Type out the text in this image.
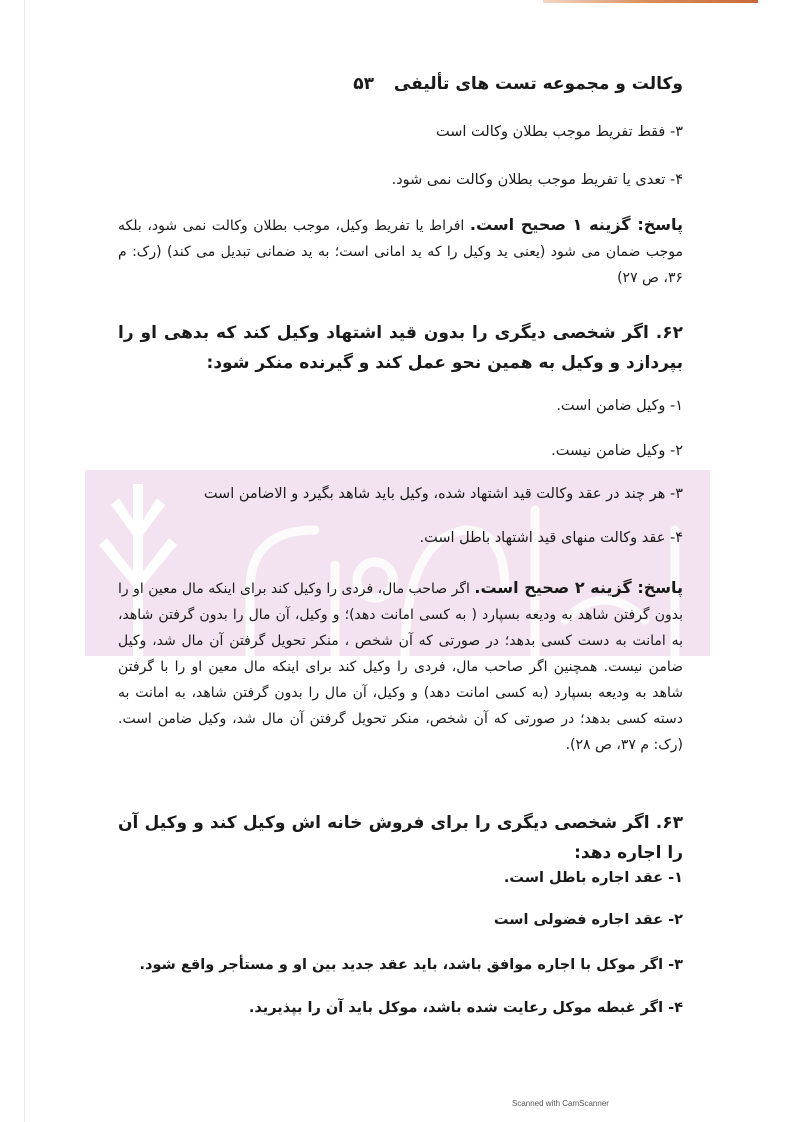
وکالت و مجموعه تست های تألیفی ۵۳
۳- فقط تفریط موجب بطلان وکالت است
۴- تعدی یا تفریط موجب بطلان وکالت نمی شود.
پاسخ: گزینه ۱ صحیح است. افراط یا تفریط وکیل، موجب بطلان وکالت نمی شود، بلکه موجب ضمان می شود (یعنی ید وکیل را که ید امانی است؛ به ید ضمانی تبدیل می کند) (رک: م ۳۶، ص ۲۷)
۶۲. اگر شخصی دیگری را بدون قید اشتهاد وکیل کند که بدهی او را بپردازد و وکیل به همین نحو عمل کند و گیرنده منکر شود:
۱- وکیل ضامن است.
۲- وکیل ضامن نیست.
۳- هر چند در عقد وکالت قید اشتهاد شده، وکیل باید شاهد بگیرد و الاضامن است
۴- عقد وکالت منهای قید اشتهاد باطل است.
پاسخ: گزینه ۲ صحیح است. اگر صاحب مال، فردی را وکیل کند برای اینکه مال معین او را بدون گرفتن شاهد به ودیعه بسپارد ( به کسی امانت دهد)؛ و وکیل، آن مال را بدون گرفتن شاهد، به امانت به دست کسی بدهد؛ در صورتی که آن شخص ، منکر تحویل گرفتن آن مال شد، وکیل ضامن نیست. همچنین اگر صاحب مال، فردی را وکیل کند برای اینکه مال معین او را با گرفتن شاهد به ودیعه بسپارد (به کسی امانت دهد) و وکیل، آن مال را بدون گرفتن شاهد، به امانت به دسته کسی بدهد؛ در صورتی که آن شخص، منکر تحویل گرفتن آن مال شد، وکیل ضامن است. (رک: م ۳۷، ص ۲۸).
۶۳. اگر شخصی دیگری را برای فروش خانه اش وکیل کند و وکیل آن را اجاره دهد:
۱- عقد اجاره باطل است.
۲- عقد اجاره فضولی است
۳- اگر موکل با اجاره موافق باشد، باید عقد جدید بین او و مستأجر واقع شود.
۴- اگر غبطه موکل رعایت شده باشد، موکل باید آن را بپذیرید.
Scanned with CamScanner
